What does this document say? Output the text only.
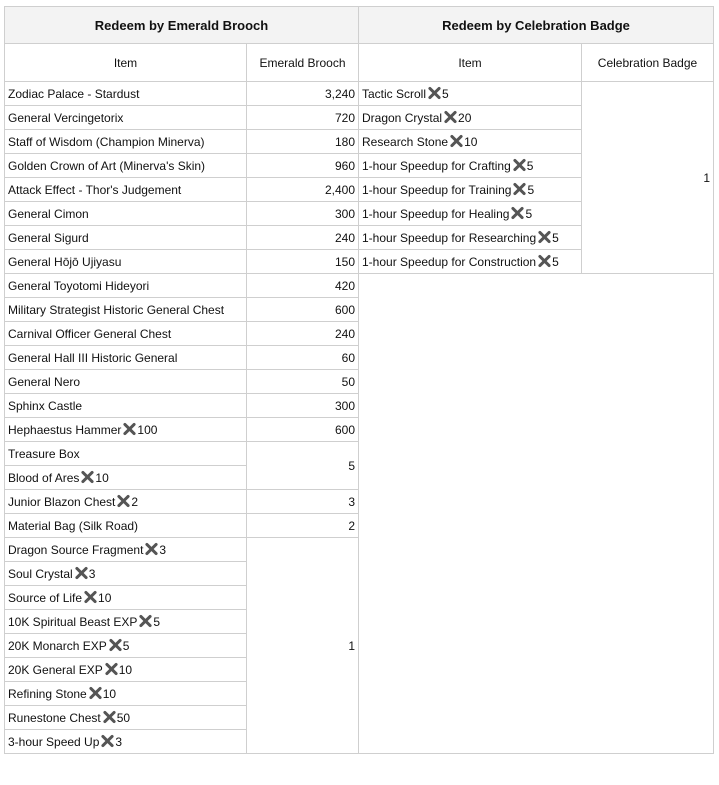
Redeem by Emerald Brooch		Redeem by Celebration Badge	
Item	Emerald Brooch	Item	Celebration Badge
Zodiac Palace - Stardust	3,240	Tactic Scroll 5	1
General Vercingetorix	720	Dragon Crystal 20	
Staff of Wisdom (Champion Minerva)	180	Research Stone 10	
Golden Crown of Art (Minerva's Skin)	960	1-hour Speedup for Crafting 5	
Attack Effect - Thor's Judgement	2,400	1-hour Speedup for Training 5	
General Cimon	300	1-hour Speedup for Healing 5	
General Sigurd	240	1-hour Speedup for Researching 5	
General Hōjō Ujiyasu	150	1-hour Speedup for Construction 5	
General Toyotomi Hideyori	420		
Military Strategist Historic General Chest	600		
Carnival Officer General Chest	240		
General Hall III Historic General	60		
General Nero	50		
Sphinx Castle	300		
Hephaestus Hammer 100	600		
Treasure Box	5		
Blood of Ares 10			
Junior Blazon Chest 2	3		
Material Bag (Silk Road)	2		
Dragon Source Fragment 3	1		
Soul Crystal 3			
Source of Life 10			
10K Spiritual Beast EXP 5			
20K Monarch EXP 5			
20K General EXP 10			
Refining Stone 10			
Runestone Chest 50			
3-hour Speed Up 3			
